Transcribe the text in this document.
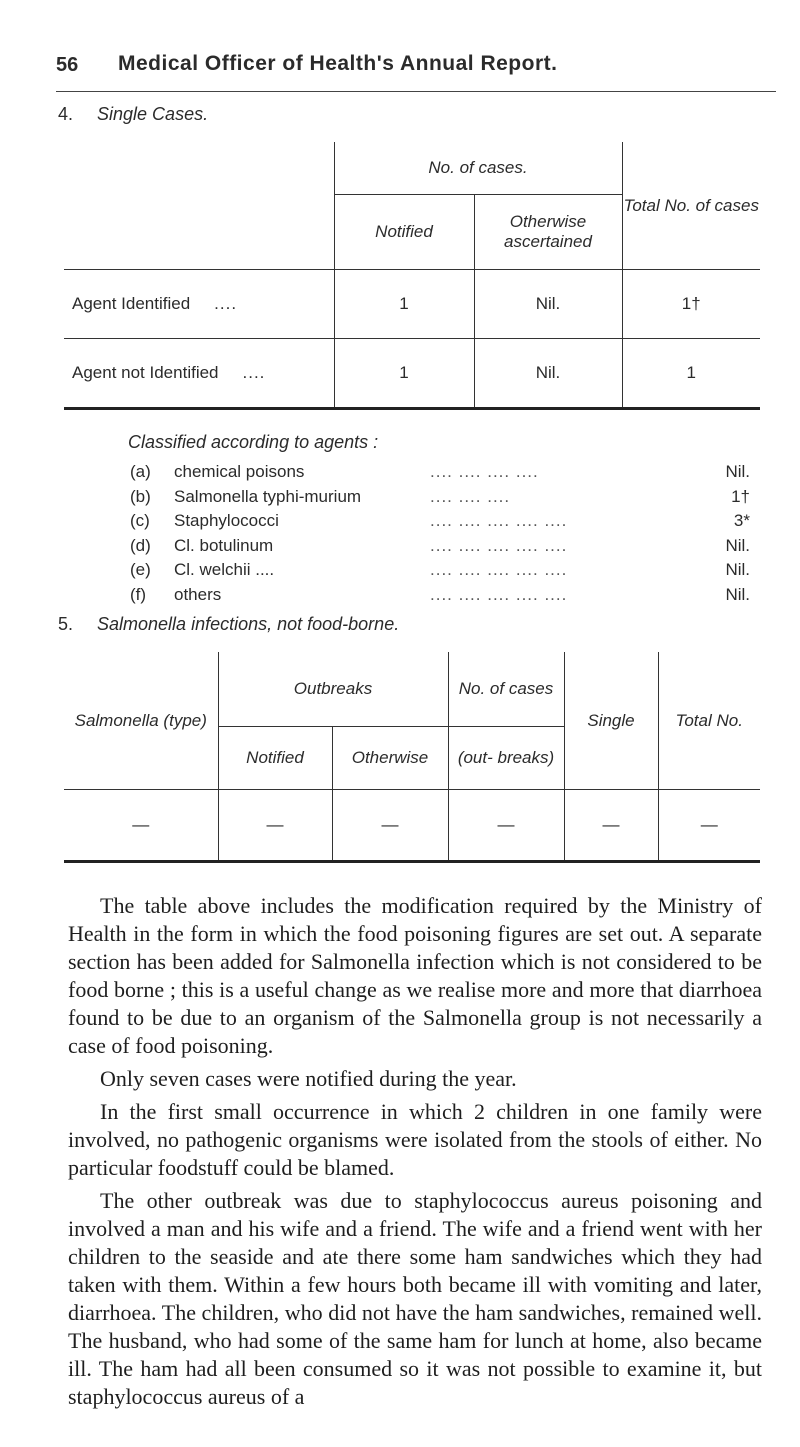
56 Medical Officer of Health's Annual Report.
4. Single Cases.
	No. of cases.		Total No. of cases
	Notified	Otherwise ascertained	
Agent Identified ....	1	Nil.	1†
Agent not Identified ....	1	Nil.	1
Classified according to agents :
(a)	chemical poisons	.... .... .... ....	Nil.
(b)	Salmonella typhi-murium	.... .... ....	1†
(c)	Staphylococci	.... .... .... .... ....	3*
(d)	Cl. botulinum	.... .... .... .... ....	Nil.
(e)	Cl. welchii ....	.... .... .... .... ....	Nil.
(f)	others	.... .... .... .... ....	Nil.
5. Salmonella infections, not food-borne.
Salmonella (type)	Outbreaks		No. of cases	Single	Total No.
	Notified	Otherwise	(out- breaks)		
—	—	—	—	—	—

The table above includes the modification required by the Ministry of Health in the form in which the food poisoning figures are set out. A separate section has been added for Salmonella infection which is not considered to be food borne ; this is a useful change as we realise more and more that diarrhoea found to be due to an organism of the Salmonella group is not necessarily a case of food poisoning.

Only seven cases were notified during the year.

In the first small occurrence in which 2 children in one family were involved, no pathogenic organisms were isolated from the stools of either. No particular foodstuff could be blamed.

The other outbreak was due to staphylococcus aureus poisoning and involved a man and his wife and a friend. The wife and a friend went with her children to the seaside and ate there some ham sandwiches which they had taken with them. Within a few hours both became ill with vomiting and later, diarrhoea. The children, who did not have the ham sandwiches, remained well. The husband, who had some of the same ham for lunch at home, also became ill. The ham had all been consumed so it was not possible to examine it, but staphylococcus aureus of a
